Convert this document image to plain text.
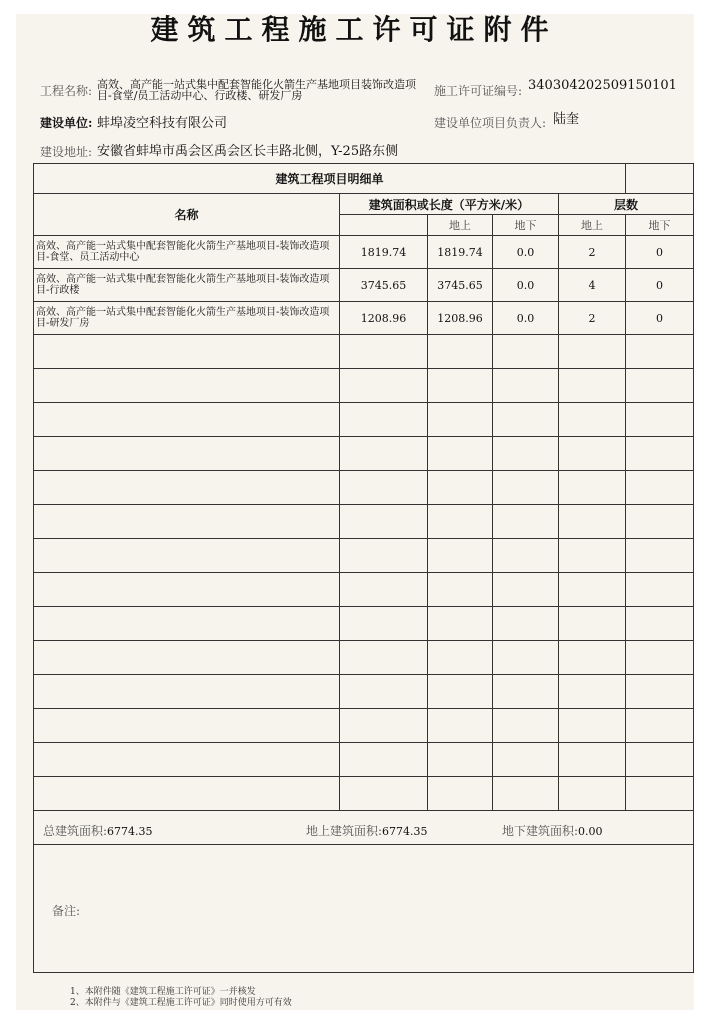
建筑工程施工许可证附件
工程名称: 高效、高产能一站式集中配套智能化火箭生产基地项目装饰改造项目-食堂/员工活动中心、行政楼、研发厂房	施工许可证编号: 340304202509150101
建设单位: 蚌埠凌空科技有限公司	建设单位项目负责人: 陆奎
建设地址: 安徽省蚌埠市禹会区禹会区长丰路北侧，Y-25路东侧
建筑工程项目明细单					
名称	建筑面积或长度（平方米/米）			层数	
		地上	地下	地上	地下
高效、高产能一站式集中配套智能化火箭生产基地项目-装饰改造项目-食堂、员工活动中心	1819.74	1819.74	0.0	2	0
高效、高产能一站式集中配套智能化火箭生产基地项目-装饰改造项目-行政楼	3745.65	3745.65	0.0	4	0
高效、高产能一站式集中配套智能化火箭生产基地项目-装饰改造项目-研发厂房	1208.96	1208.96	0.0	2	0

总建筑面积:6774.35 地上建筑面积:6774.35 地下建筑面积:0.00					

备注:					
1、本附件随《建筑工程施工许可证》一并核发
2、本附件与《建筑工程施工许可证》同时使用方可有效
